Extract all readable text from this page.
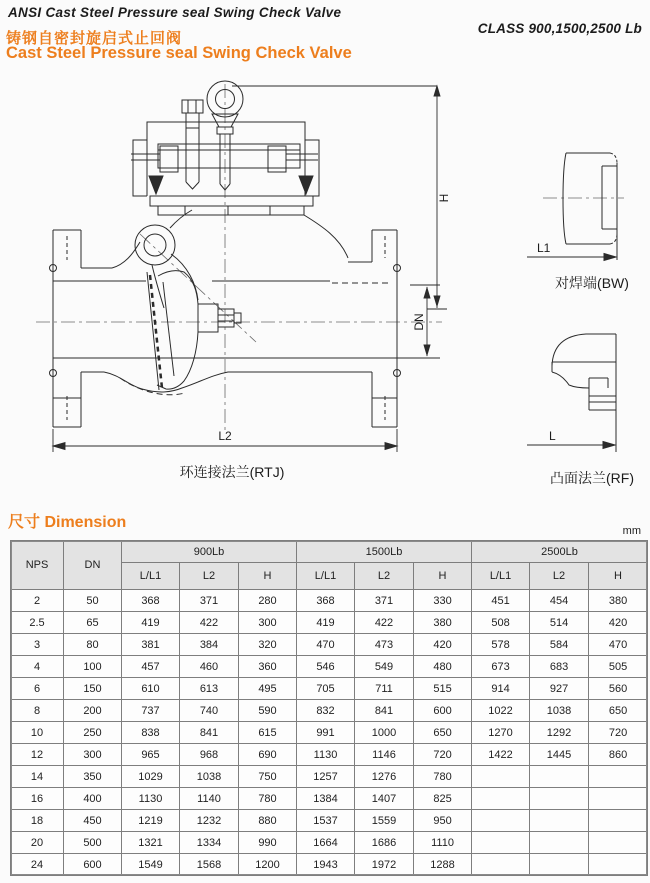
ANSI Cast Steel Pressure seal Swing Check Valve
CLASS 900,1500,2500 Lb
铸钢自密封旋启式止回阀
Cast Steel Pressure seal Swing Check Valve
H
DN
L2
环连接法兰(RTJ)
L1
对焊端(BW)
L
凸面法兰(RF)
尺寸 Dimension	mm
NPS	DN	900Lb			1500Lb			2500Lb		
		L/L1	L2	H	L/L1	L2	H	L/L1	L2	H
2	50	368	371	280	368	371	330	451	454	380
2.5	65	419	422	300	419	422	380	508	514	420
3	80	381	384	320	470	473	420	578	584	470
4	100	457	460	360	546	549	480	673	683	505
6	150	610	613	495	705	711	515	914	927	560
8	200	737	740	590	832	841	600	1022	1038	650
10	250	838	841	615	991	1000	650	1270	1292	720
12	300	965	968	690	1130	1146	720	1422	1445	860
14	350	1029	1038	750	1257	1276	780			
16	400	1130	1140	780	1384	1407	825			
18	450	1219	1232	880	1537	1559	950			
20	500	1321	1334	990	1664	1686	1110			
24	600	1549	1568	1200	1943	1972	1288			
